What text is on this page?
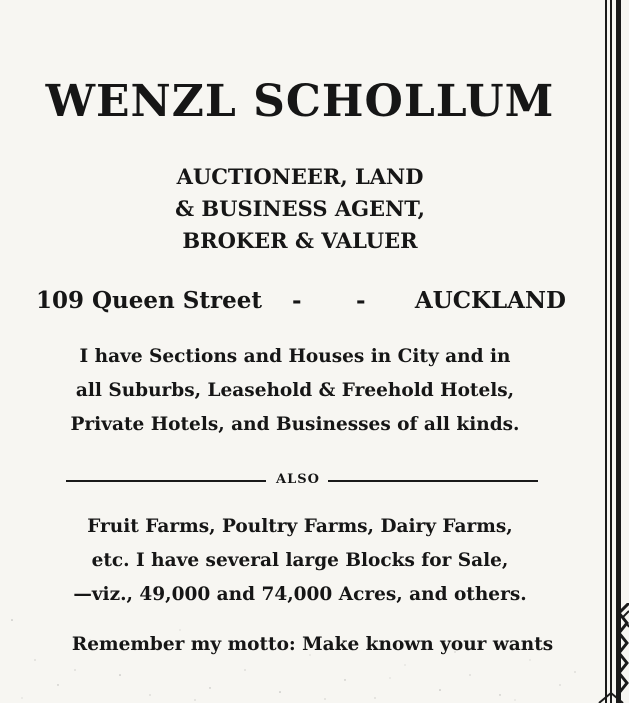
WENZL SCHOLLUM
AUCTIONEER, LAND
& BUSINESS AGENT,
BROKER & VALUER
109 Queen Street - - AUCKLAND
I have Sections and Houses in City and in
all Suburbs, Leasehold & Freehold Hotels,
Private Hotels, and Businesses of all kinds.
ALSO
Fruit Farms, Poultry Farms, Dairy Farms,
etc. I have several large Blocks for Sale,
—viz., 49,000 and 74,000 Acres, and others.
Remember my motto: Make known your wants
